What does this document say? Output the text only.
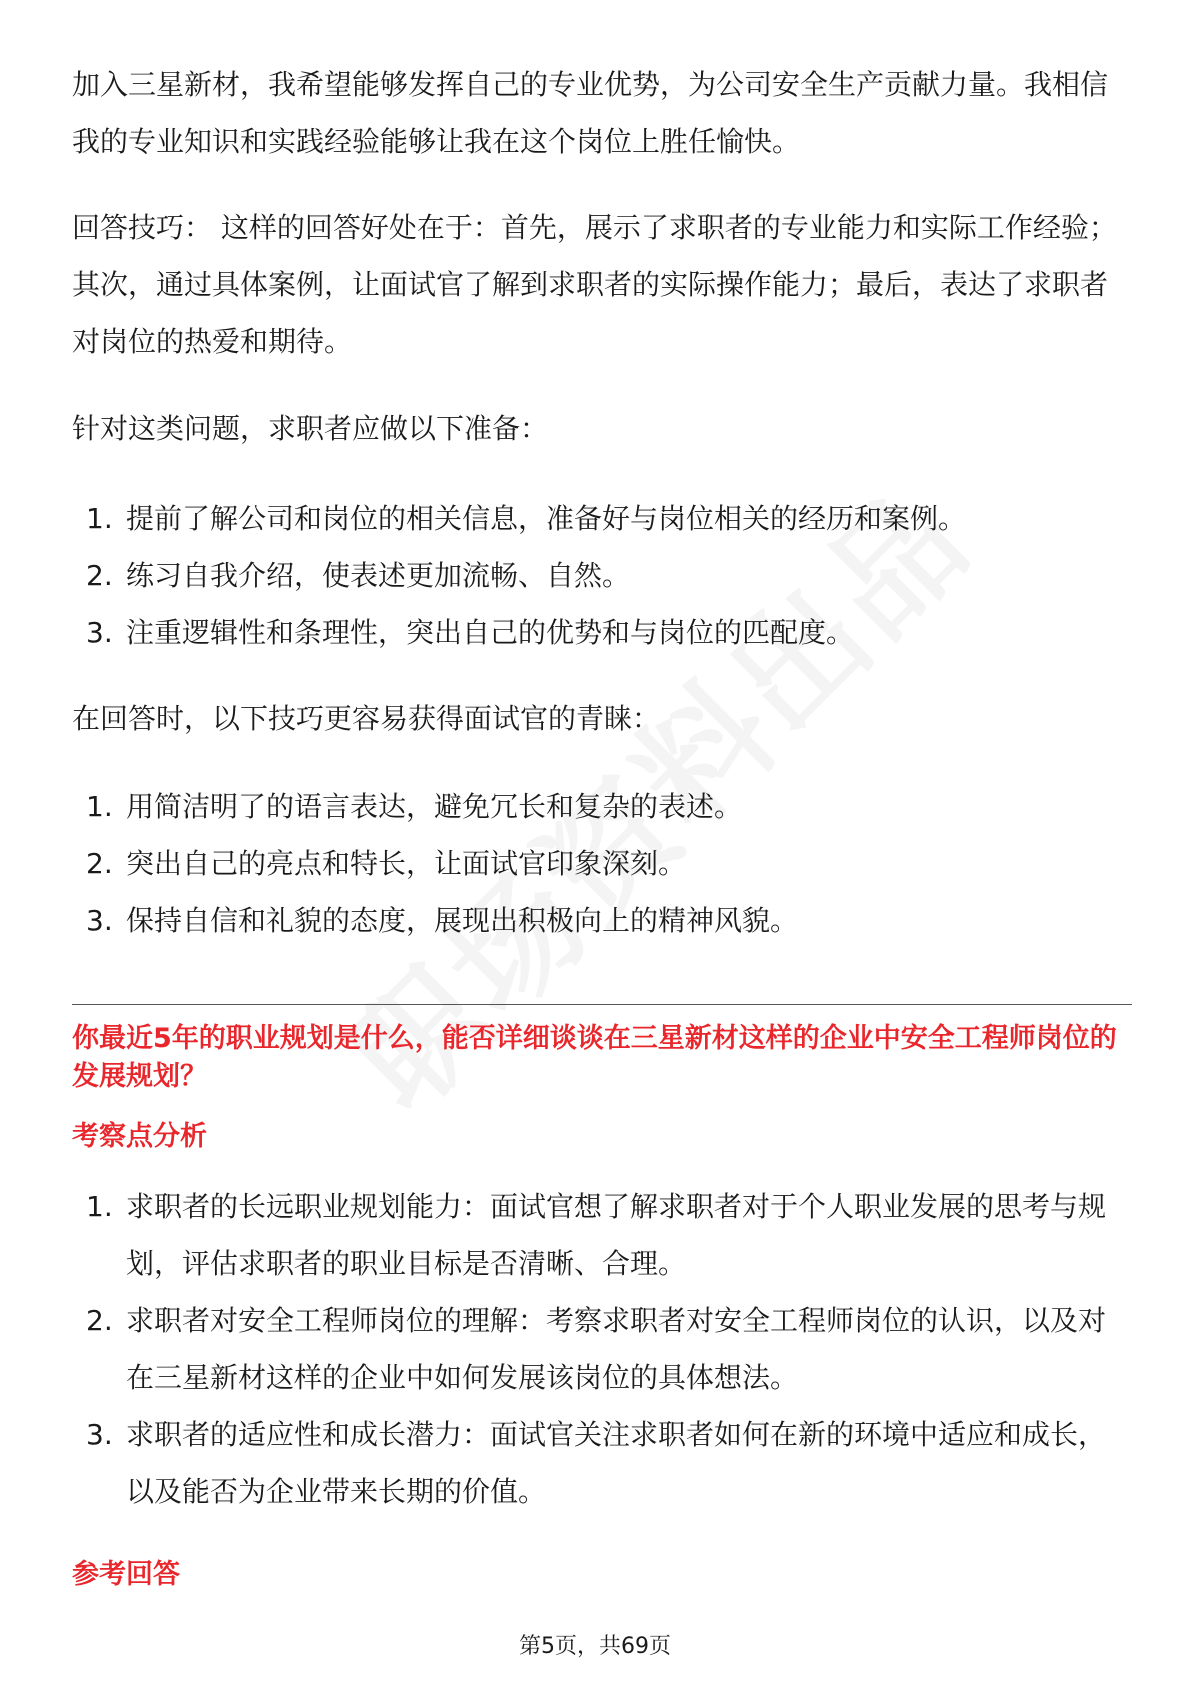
加入三星新材，我希望能够发挥自己的专业优势，为公司安全生产贡献力量。我相信我的专业知识和实践经验能够让我在这个岗位上胜任愉快。

回答技巧： 这样的回答好处在于：首先，展示了求职者的专业能力和实际工作经验；其次，通过具体案例，让面试官了解到求职者的实际操作能力；最后，表达了求职者对岗位的热爱和期待。

针对这类问题，求职者应做以下准备：

1. 提前了解公司和岗位的相关信息，准备好与岗位相关的经历和案例。
2. 练习自我介绍，使表述更加流畅、自然。
3. 注重逻辑性和条理性，突出自己的优势和与岗位的匹配度。

在回答时，以下技巧更容易获得面试官的青睐：

1. 用简洁明了的语言表达，避免冗长和复杂的表述。
2. 突出自己的亮点和特长，让面试官印象深刻。
3. 保持自信和礼貌的态度，展现出积极向上的精神风貌。

你最近5年的职业规划是什么，能否详细谈谈在三星新材这样的企业中安全工程师岗位的发展规划？

考察点分析

1. 求职者的长远职业规划能力：面试官想了解求职者对于个人职业发展的思考与规划，评估求职者的职业目标是否清晰、合理。
2. 求职者对安全工程师岗位的理解：考察求职者对安全工程师岗位的认识，以及对在三星新材这样的企业中如何发展该岗位的具体想法。
3. 求职者的适应性和成长潜力：面试官关注求职者如何在新的环境中适应和成长，以及能否为企业带来长期的价值。

参考回答

第5页，共69页
